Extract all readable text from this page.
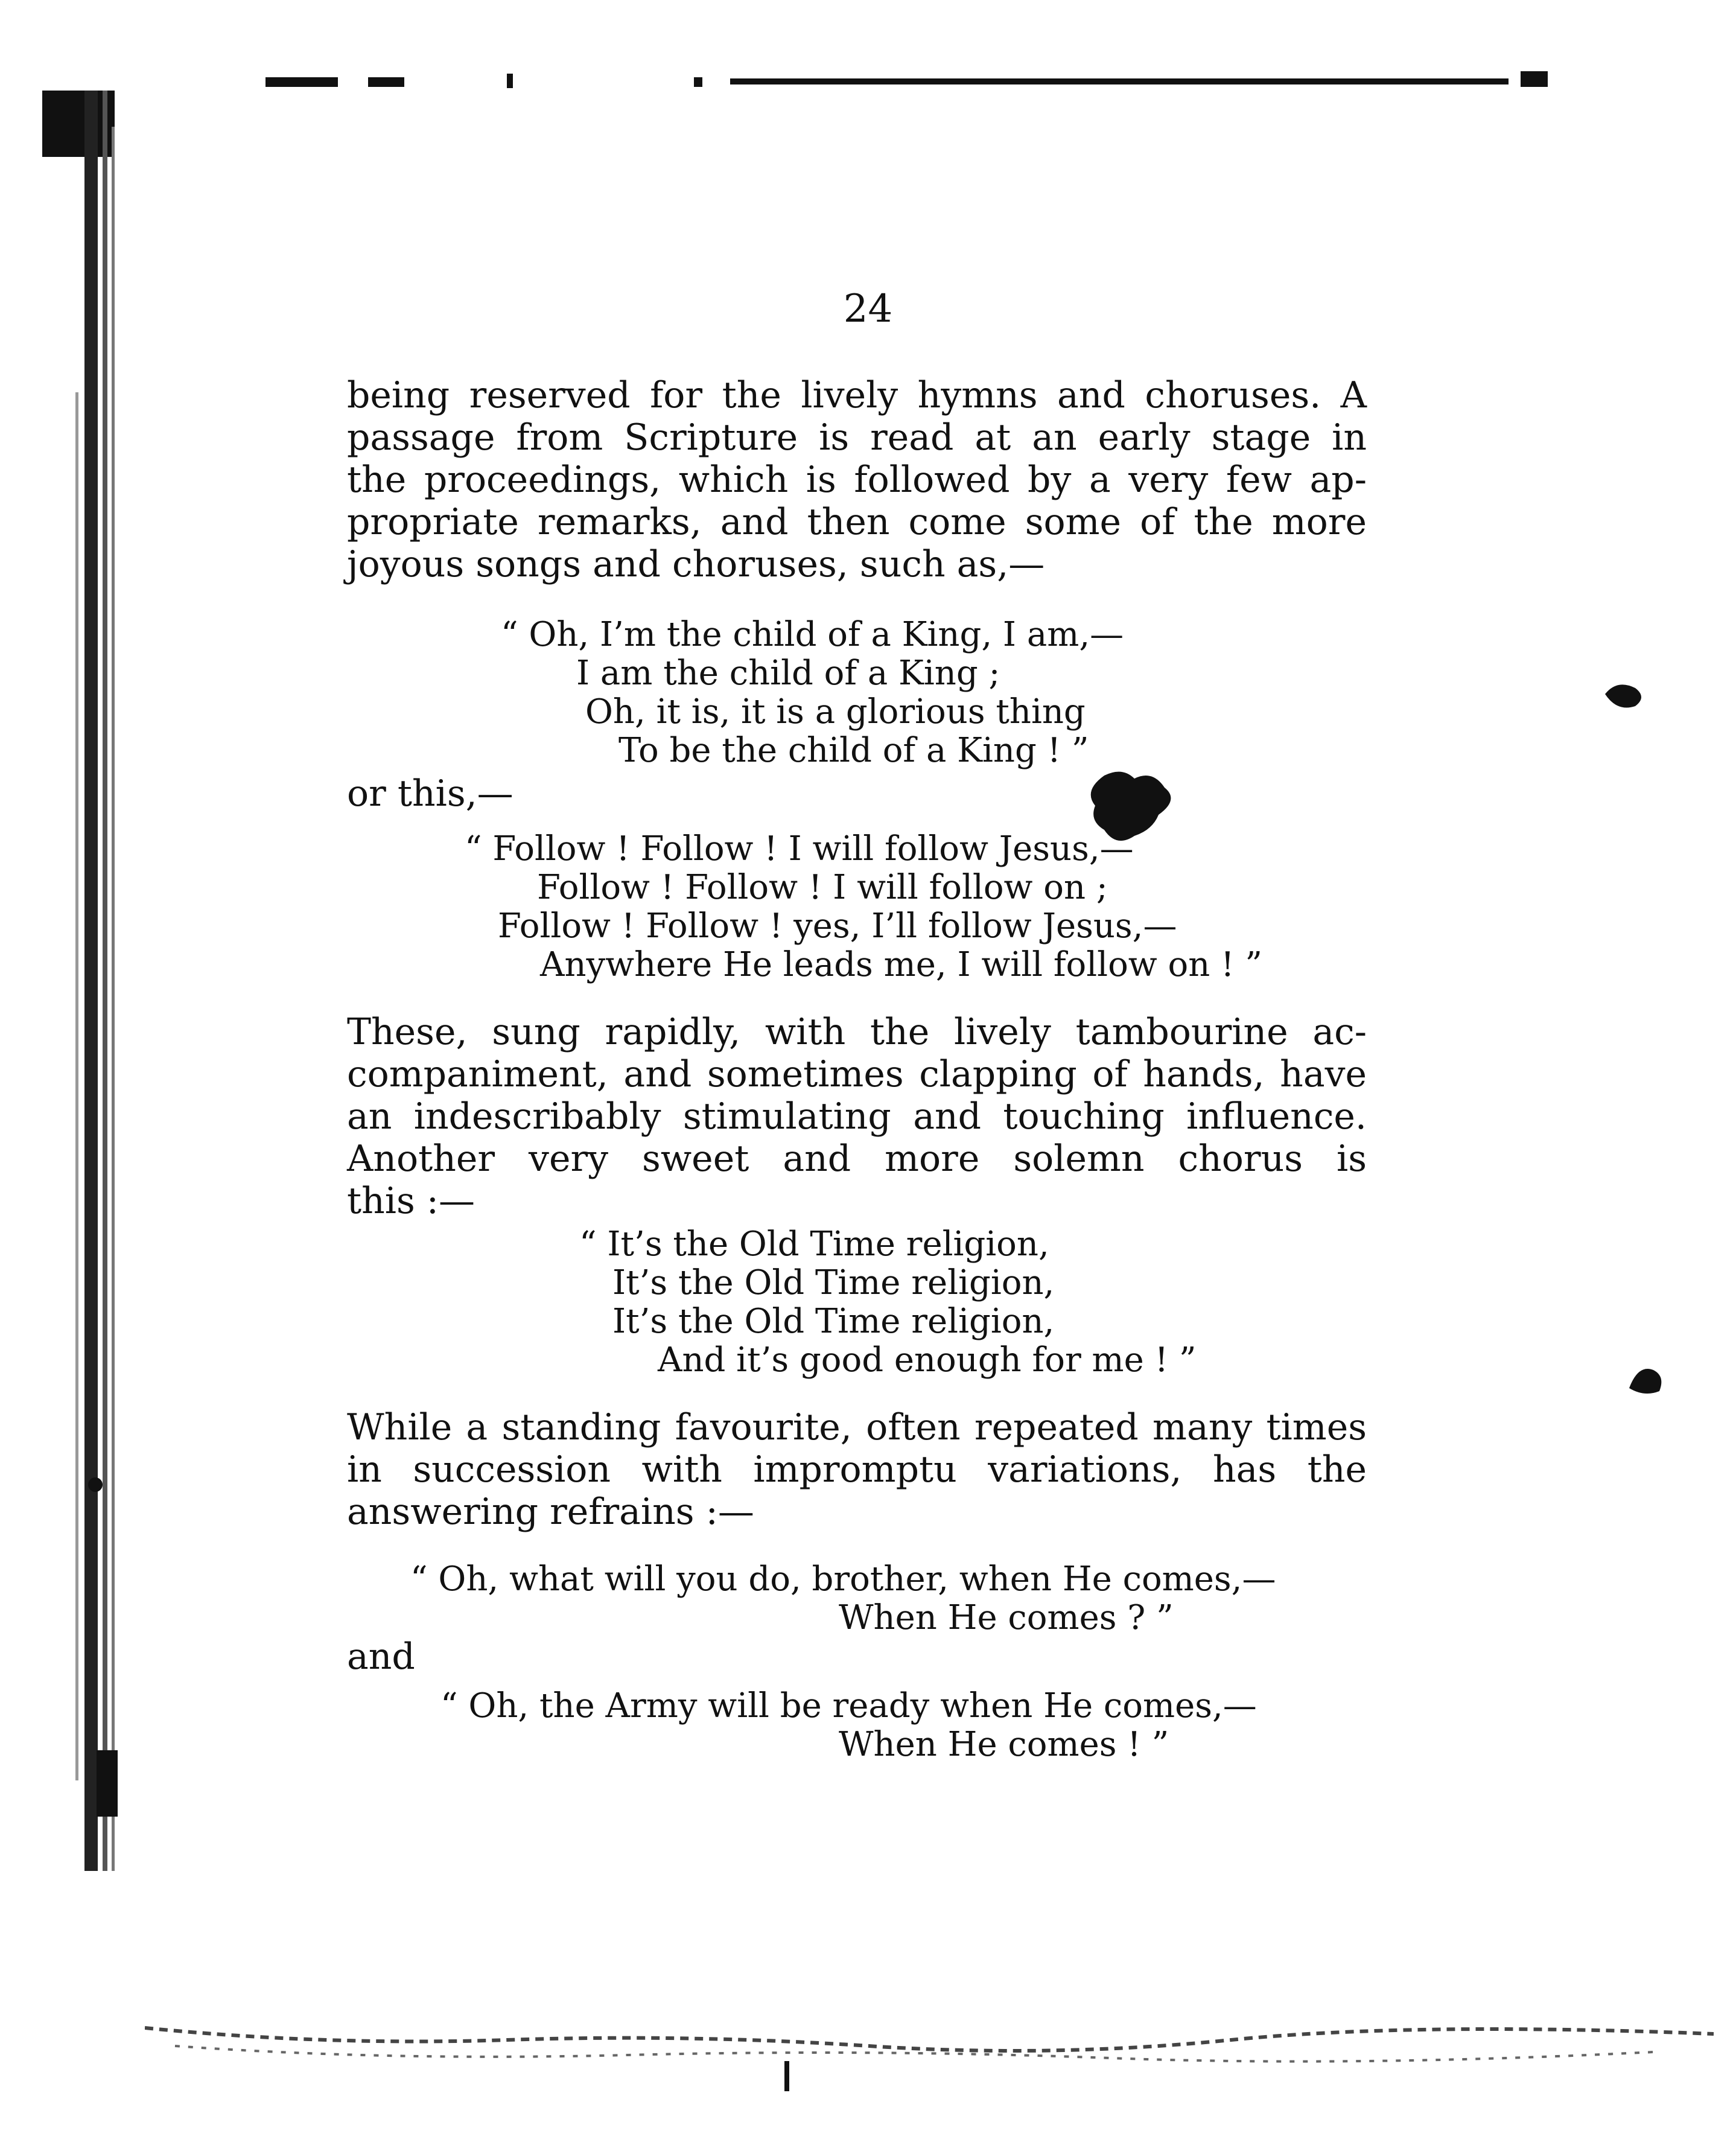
24
being reserved for the lively hymns and choruses. A
passage from Scripture is read at an early stage in
the proceedings, which is followed by a very few ap-
propriate remarks, and then come some of the more
joyous songs and choruses, such as,—
“ Oh, I’m the child of a King, I am,—
I am the child of a King ;
Oh, it is, it is a glorious thing
To be the child of a King ! ”
or this,—
“ Follow ! Follow ! I will follow Jesus,—
Follow ! Follow ! I will follow on ;
Follow ! Follow ! yes, I’ll follow Jesus,—
Anywhere He leads me, I will follow on ! ”
These, sung rapidly, with the lively tambourine ac-
companiment, and sometimes clapping of hands, have
an indescribably stimulating and touching influence.
Another very sweet and more solemn chorus is
this :—
“ It’s the Old Time religion,
It’s the Old Time religion,
It’s the Old Time religion,
And it’s good enough for me ! ”
While a standing favourite, often repeated many times
in succession with impromptu variations, has the
answering refrains :—
“ Oh, what will you do, brother, when He comes,—
When He comes ? ”
and
“ Oh, the Army will be ready when He comes,—
When He comes ! ”
